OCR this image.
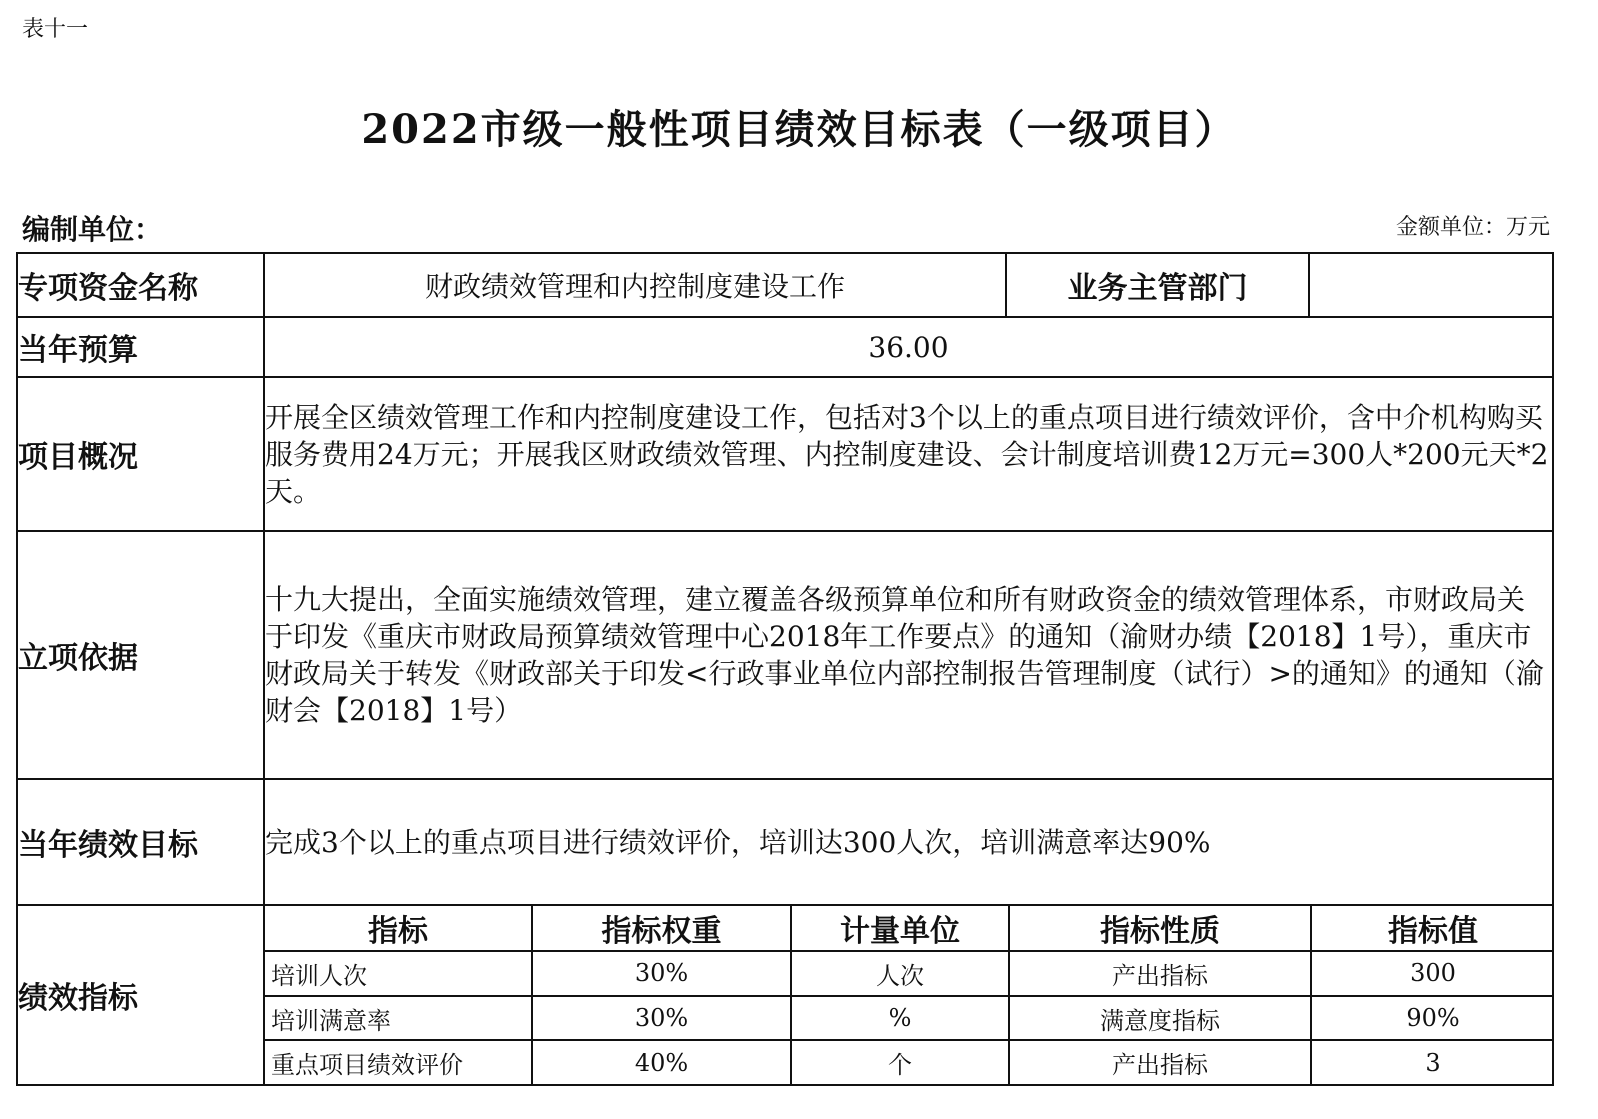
表十一
2022市级一般性项目绩效目标表（一级项目）
编制单位：	金额单位：万元
专项资金名称	财政绩效管理和内控制度建设工作	业务主管部门	
当年预算	36.00
项目概况	开展全区绩效管理工作和内控制度建设工作，包括对3个以上的重点项目进行绩效评价，含中介机构购买服务费用24万元；开展我区财政绩效管理、内控制度建设、会计制度培训费12万元=300人*200元天*2天。
立项依据	十九大提出，全面实施绩效管理，建立覆盖各级预算单位和所有财政资金的绩效管理体系，市财政局关于印发《重庆市财政局预算绩效管理中心2018年工作要点》的通知（渝财办绩【2018】1号），重庆市财政局关于转发《财政部关于印发<行政事业单位内部控制报告管理制度（试行）>的通知》的通知（渝财会【2018】1号）
当年绩效目标	完成3个以上的重点项目进行绩效评价，培训达300人次，培训满意率达90%
绩效指标	
指标	指标权重	计量单位	指标性质	指标值
培训人次	30%	人次	产出指标	300
培训满意率	30%	%	满意度指标	90%
重点项目绩效评价	40%	个	产出指标	3
